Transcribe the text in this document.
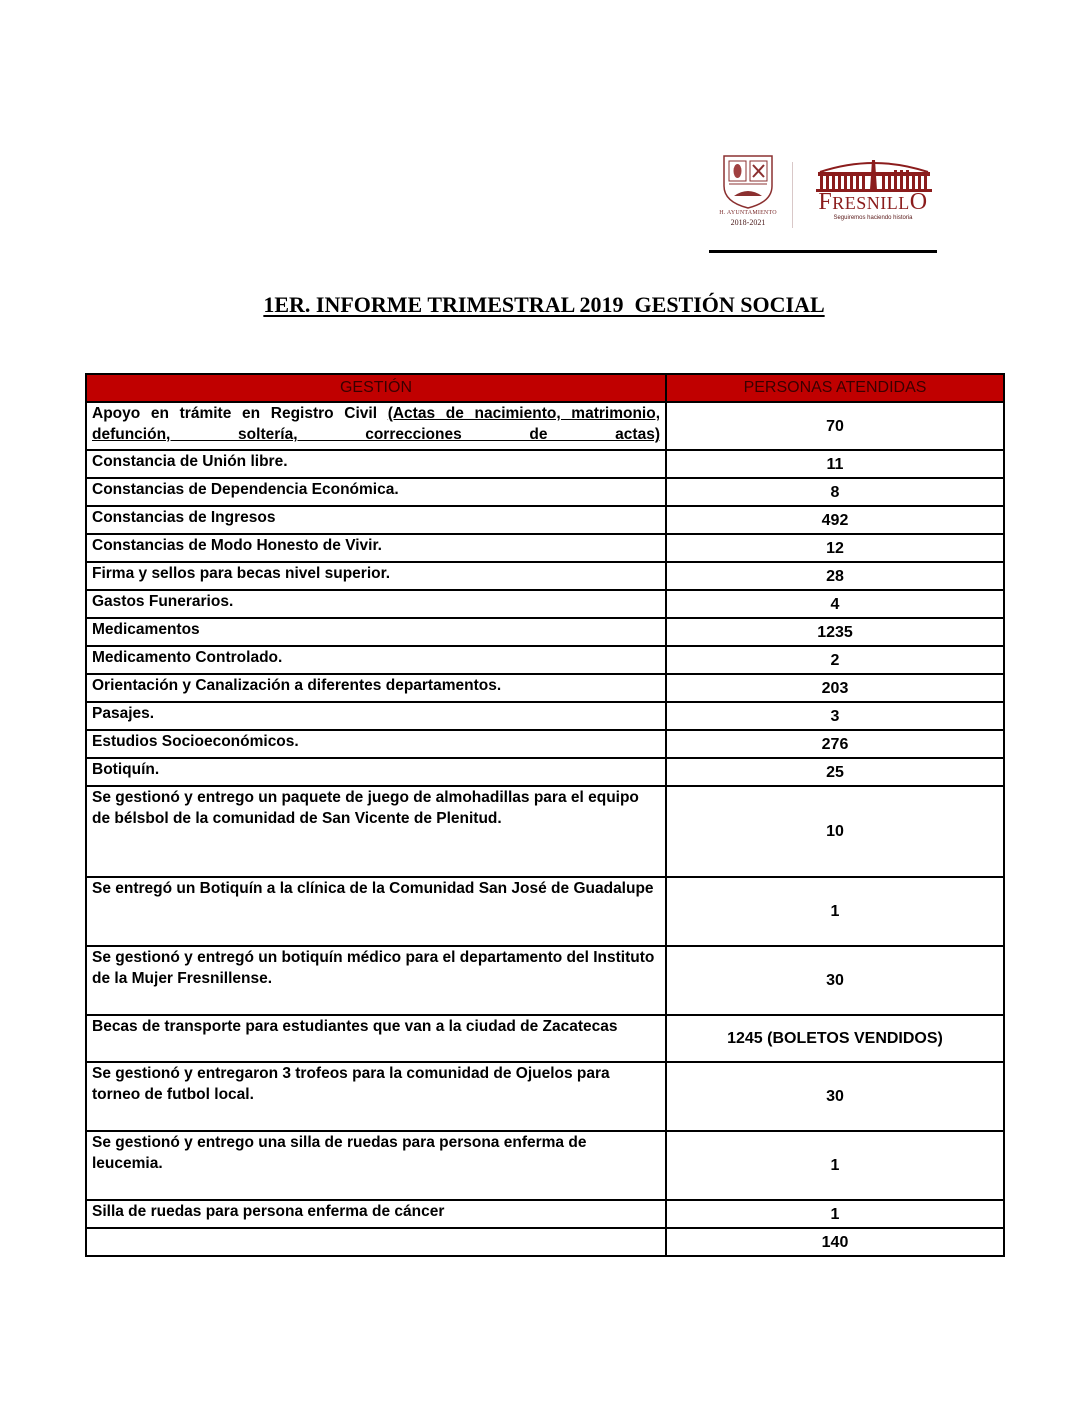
H. AYUNTAMIENTO
2018-2021
FRESNILLO
Seguiremos haciendo historia
1ER. INFORME TRIMESTRAL 2019  GESTIÓN SOCIAL
GESTIÓN	PERSONAS ATENDIDAS
Apoyo en trámite en Registro Civil (Actas de nacimiento, matrimonio, defunción, soltería, correcciones de actas)	70
Constancia de Unión libre.	11
Constancias de Dependencia Económica.	8
Constancias de Ingresos	492
Constancias de Modo Honesto de Vivir.	12
Firma y sellos para becas nivel superior.	28
Gastos Funerarios.	4
Medicamentos	1235
Medicamento Controlado.	2
Orientación y Canalización a diferentes departamentos.	203
Pasajes.	3
Estudios Socioeconómicos.	276
Botiquín.	25
Se gestionó y entrego un paquete de juego de almohadillas para el equipo de bélsbol de la comunidad de San Vicente de Plenitud.	10
Se entregó un Botiquín a la clínica de la Comunidad San José de Guadalupe	1
Se gestionó y entregó un botiquín médico para el departamento del Instituto de la Mujer Fresnillense.	30
Becas de transporte para estudiantes que van a la ciudad de Zacatecas	1245 (BOLETOS VENDIDOS)
Se gestionó y entregaron 3 trofeos para la comunidad de Ojuelos para torneo de futbol local.	30
Se gestionó y entrego una silla de ruedas para persona enferma de leucemia.	1
Silla de ruedas para persona enferma de cáncer	1
	140
